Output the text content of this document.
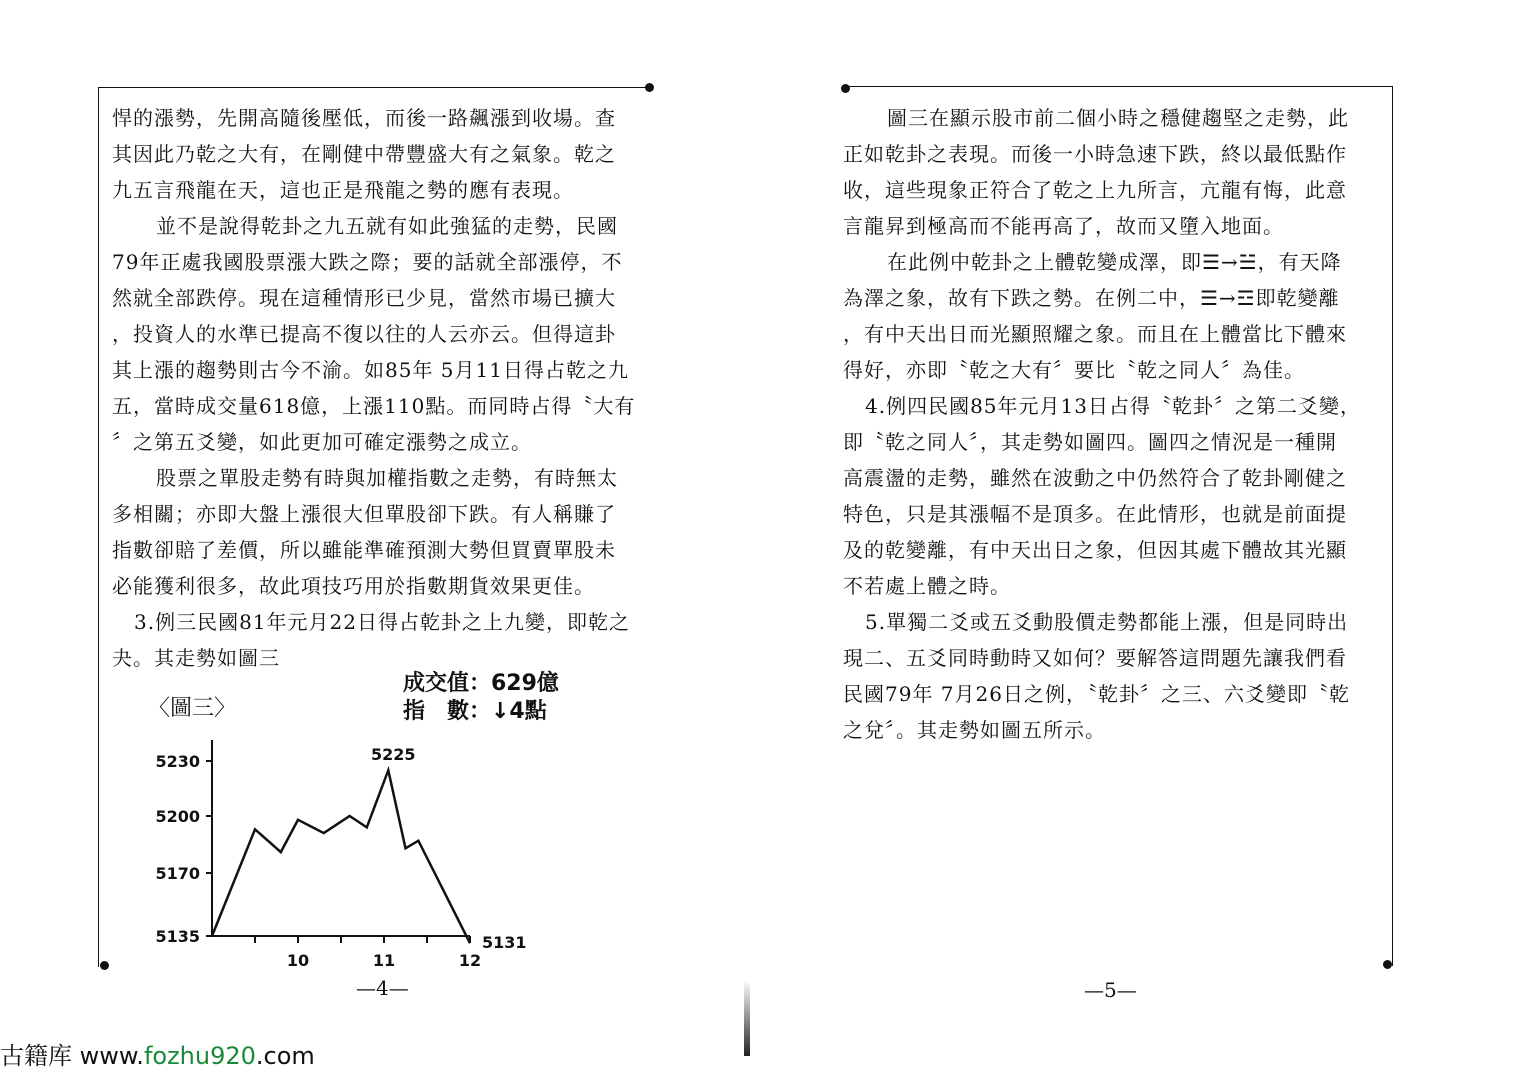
悍的漲勢，先開高隨後壓低，而後一路飆漲到收場。查
其因此乃乾之大有，在剛健中帶豐盛大有之氣象。乾之
九五言飛龍在天，這也正是飛龍之勢的應有表現。
並不是說得乾卦之九五就有如此強猛的走勢，民國
79年正處我國股票漲大跌之際；要的話就全部漲停，不
然就全部跌停。現在這種情形已少見，當然市場已擴大
，投資人的水準已提高不復以往的人云亦云。但得這卦
其上漲的趨勢則古今不渝。如85年 5月11日得占乾之九
五，當時成交量618億，上漲110點。而同時占得〝大有
〞之第五爻變，如此更加可確定漲勢之成立。
股票之單股走勢有時與加權指數之走勢，有時無太
多相關；亦即大盤上漲很大但單股卻下跌。有人稱賺了
指數卻賠了差價，所以雖能準確預測大勢但買賣單股未
必能獲利很多，故此項技巧用於指數期貨效果更佳。
3.例三民國81年元月22日得占乾卦之上九變，即乾之
夬。其走勢如圖三
〈圖三〉
成交值：629億
指　數：↓4點
5135
5170
5200
5230
10	11	12
5225
5131
圖三在顯示股市前二個小時之穩健趨堅之走勢，此
正如乾卦之表現。而後一小時急速下跌，終以最低點作
收，這些現象正符合了乾之上九所言，亢龍有悔，此意
言龍昇到極高而不能再高了，故而又墮入地面。
在此例中乾卦之上體乾變成澤，即☰→☱，有天降
為澤之象，故有下跌之勢。在例二中，☰→☲即乾變離
，有中天出日而光顯照耀之象。而且在上體當比下體來
得好，亦即〝乾之大有〞要比〝乾之同人〞為佳。
4.例四民國85年元月13日占得〝乾卦〞之第二爻變，
即〝乾之同人〞，其走勢如圖四。圖四之情況是一種開
高震盪的走勢，雖然在波動之中仍然符合了乾卦剛健之
特色，只是其漲幅不是頂多。在此情形，也就是前面提
及的乾變離，有中天出日之象，但因其處下體故其光顯
不若處上體之時。
5.單獨二爻或五爻動股價走勢都能上漲，但是同時出
現二、五爻同時動時又如何？要解答這問題先讓我們看
民國79年 7月26日之例，〝乾卦〞之三、六爻變即〝乾
之兌〞。其走勢如圖五所示。
—4—	—5—
古籍库 www.fozhu920.com
